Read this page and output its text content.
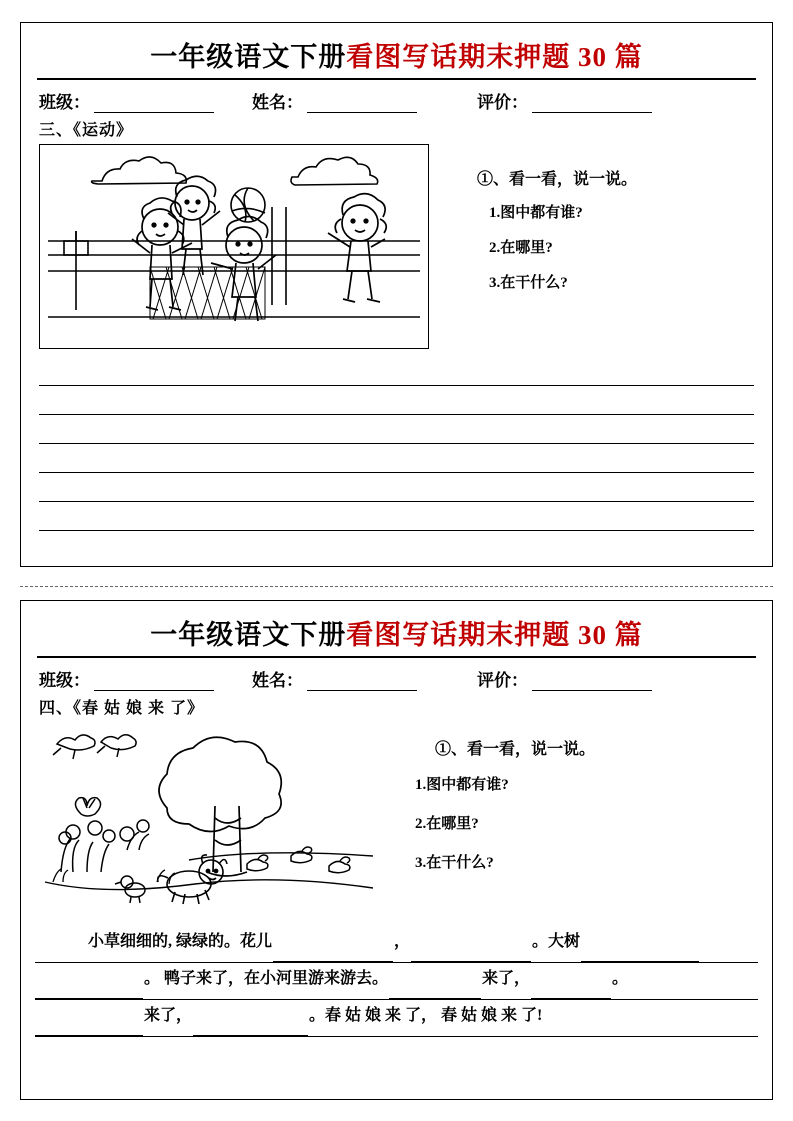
一年级语文下册看图写话期末押题 30 篇
班级：	姓名：	评价：
三、《运动》
①、看一看，说一说。
1.图中都有谁?
2.在哪里?
3.在干什么?
一年级语文下册看图写话期末押题 30 篇
班级：	姓名：	评价：
四、《春 姑 娘 来 了》
①、看一看，说一说。
1.图中都有谁?
2.在哪里?
3.在干什么?
小草细细的, 绿绿的。花儿	，	。大树
。 鸭子来了，在小河里游来游去。	来了，	。
来了，	。春 姑 娘 来 了， 春 姑 娘 来 了!
